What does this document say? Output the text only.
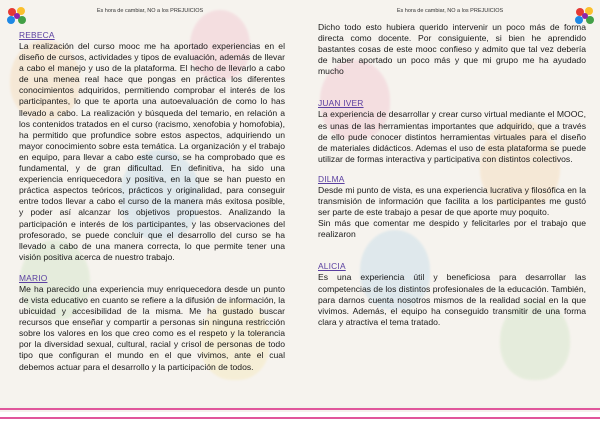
Es hora de cambiar, NO a los PREJUICIOS

REBECA

La realización del curso mooc me ha aportado experiencias en el diseño de cursos, actividades y tipos de evaluación, además de llevar a cabo el manejo y uso de la plataforma. El hecho de llevarlo a cabo de una menea real hace que pongas en práctica los diferentes conocimientos adquiridos, permitiendo comprobar el interés de los participantes, lo que te aporta una autoevaluación de como lo has llevado a cabo. La realización y búsqueda del temario, en relación a los contenidos tratados en el curso (racismo, xenofobia y homofobia), ha permitido que profundice sobre estos aspectos, adquiriendo un mayor conocimiento sobre esta temática. La organización y el trabajo en equipo, para llevar a cabo este curso, se ha comprobado que es fundamental, y de gran dificultad. En definitiva, ha sido una experiencia enriquecedora y positiva, en la que se han puesto en práctica aspectos teóricos, prácticos y originalidad, para conseguir entre todos llevar a cabo el curso de la manera más exitosa posible, y poder así alcanzar los objetivos propuestos. Analizando la participación e interés de los participantes, y las observaciones del profesorado, se puede concluir que el desarrollo del curso se ha llevado a cabo de una manera correcta, lo que permite tener una visión positiva acerca de nuestro trabajo.

MARIO

Me ha parecido una experiencia muy enriquecedora desde un punto de vista educativo en cuanto se refiere a la difusión de información, la ubicuidad y accesibilidad de la misma. Me ha gustado buscar recursos que enseñar y compartir a personas sin ninguna restricción sobre los valores en los que creo como es el respeto y la tolerancia por la diversidad sexual, cultural, racial y crisol de personas de todo tipo que configuran el mundo en el que vivimos, ante el cual debemos actuar para el desarrollo y la participación de todos.

Es hora de cambiar, NO a los PREJUICIOS

Dicho todo esto hubiera querido intervenir un poco más de forma directa como docente. Por consiguiente, si bien he aprendido bastantes cosas de este mooc confieso y admito que tal vez debería de haber aportado un poco más y que mi grupo me ha ayudado mucho

JUAN IVER

La experiencia de desarrollar y crear curso virtual mediante el MOOC, es unas de las herramientas importantes que adquirido, que a través de ello pude conocer distintos herramientas virtuales para el diseño de materiales didácticos. Ademas el uso de esta plataforma se puede utilizar de formas interactiva y participativa con distintos colectivos.

DILMA

Desde mi punto de vista, es una experiencia lucrativa y filosófica en la transmisión de información que facilita a los participantes me gustó ser parte de este trabajo a pesar de que aporte muy poquito.

Sin más que comentar me despido y felicitarles por el trabajo que realizaron

ALICIA

Es una experiencia útil y beneficiosa para desarrollar las competencias de los distintos profesionales de la educación. También, para darnos cuenta nosotros mismos de la realidad social en la que vivimos. Además, el equipo ha conseguido transmitir de una forma clara y atractiva el tema tratado.
